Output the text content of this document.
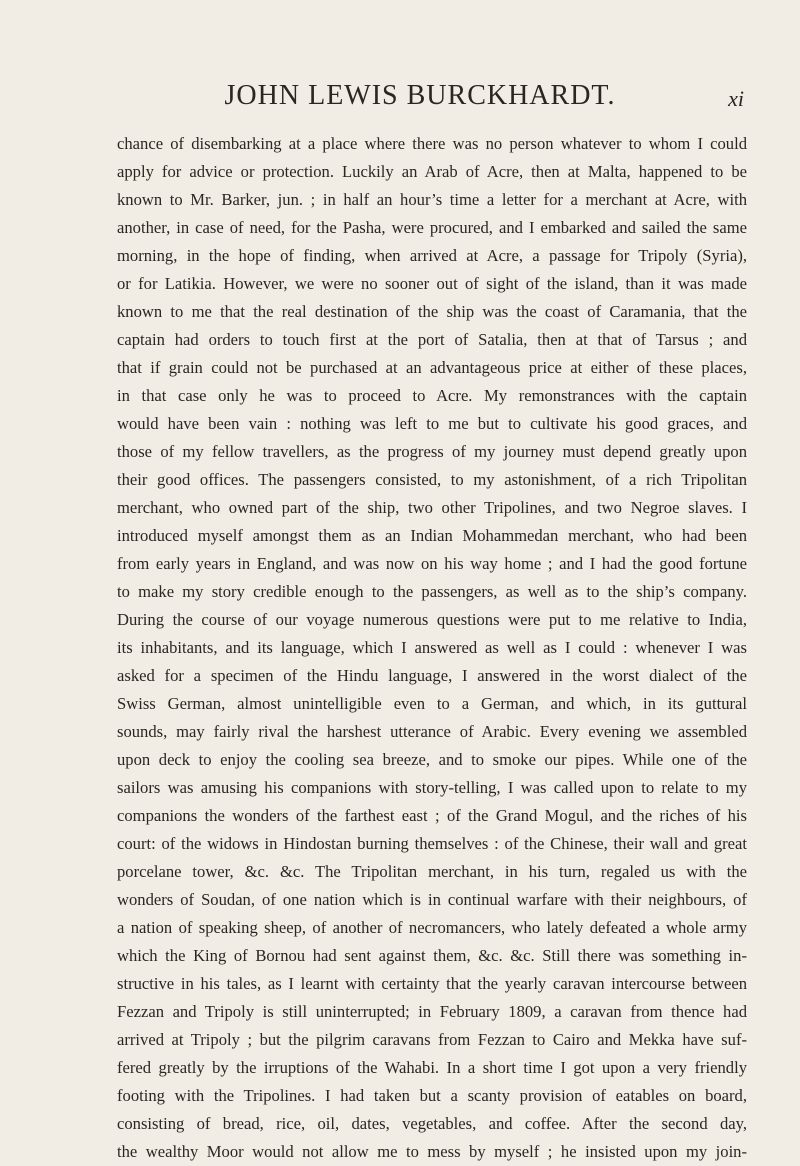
JOHN LEWIS BURCKHARDT.	xi
chance of disembarking at a place where there was no person whatever to whom I could
apply for advice or protection. Luckily an Arab of Acre, then at Malta, happened to be
known to Mr. Barker, jun. ; in half an hour’s time a letter for a merchant at Acre, with
another, in case of need, for the Pasha, were procured, and I embarked and sailed the same
morning, in the hope of finding, when arrived at Acre, a passage for Tripoly (Syria),
or for Latikia. However, we were no sooner out of sight of the island, than it was made
known to me that the real destination of the ship was the coast of Caramania, that the
captain had orders to touch first at the port of Satalia, then at that of Tarsus ; and
that if grain could not be purchased at an advantageous price at either of these places,
in that case only he was to proceed to Acre. My remonstrances with the captain
would have been vain : nothing was left to me but to cultivate his good graces, and
those of my fellow travellers, as the progress of my journey must depend greatly upon
their good offices. The passengers consisted, to my astonishment, of a rich Tripolitan
merchant, who owned part of the ship, two other Tripolines, and two Negroe slaves. I
introduced myself amongst them as an Indian Mohammedan merchant, who had been
from early years in England, and was now on his way home ; and I had the good fortune
to make my story credible enough to the passengers, as well as to the ship’s company.
During the course of our voyage numerous questions were put to me relative to India,
its inhabitants, and its language, which I answered as well as I could : whenever I was
asked for a specimen of the Hindu language, I answered in the worst dialect of the
Swiss German, almost unintelligible even to a German, and which, in its guttural
sounds, may fairly rival the harshest utterance of Arabic. Every evening we assembled
upon deck to enjoy the cooling sea breeze, and to smoke our pipes. While one of the
sailors was amusing his companions with story-telling, I was called upon to relate to my
companions the wonders of the farthest east ; of the Grand Mogul, and the riches of his
court: of the widows in Hindostan burning themselves : of the Chinese, their wall and great
porcelane tower, &c. &c. The Tripolitan merchant, in his turn, regaled us with the
wonders of Soudan, of one nation which is in continual warfare with their neighbours, of
a nation of speaking sheep, of another of necromancers, who lately defeated a whole army
which the King of Bornou had sent against them, &c. &c. Still there was something in-
structive in his tales, as I learnt with certainty that the yearly caravan intercourse between
Fezzan and Tripoly is still uninterrupted; in February 1809, a caravan from thence had
arrived at Tripoly ; but the pilgrim caravans from Fezzan to Cairo and Mekka have suf-
fered greatly by the irruptions of the Wahabi. In a short time I got upon a very friendly
footing with the Tripolines. I had taken but a scanty provision of eatables on board,
consisting of bread, rice, oil, dates, vegetables, and coffee. After the second day,
the wealthy Moor would not allow me to mess by myself ; he insisted upon my join-
